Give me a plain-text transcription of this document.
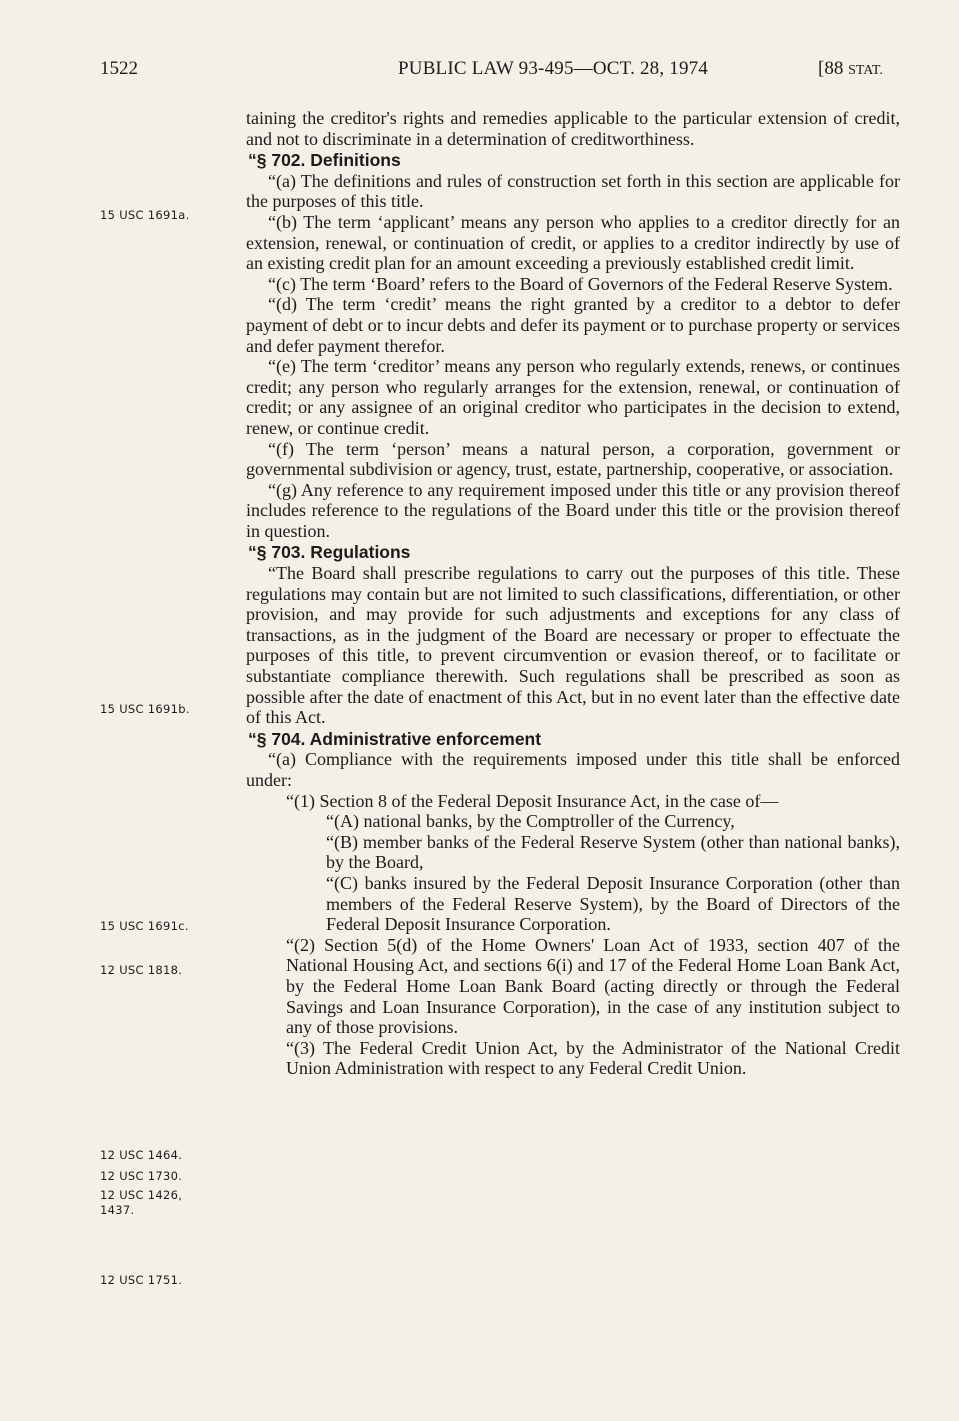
1522	PUBLIC LAW 93-495—OCT. 28, 1974	[88 STAT.
15 USC 1691a.
15 USC 1691b.
15 USC 1691c.
12 USC 1818.
12 USC 1464.
12 USC 1730.
12 USC 1426,
1437.
12 USC 1751.

taining the creditor's rights and remedies applicable to the particular extension of credit, and not to discriminate in a determination of creditworthiness.

“§ 702. Definitions

“(a) The definitions and rules of construction set forth in this section are applicable for the purposes of this title.

“(b) The term ‘applicant’ means any person who applies to a creditor directly for an extension, renewal, or continuation of credit, or applies to a creditor indirectly by use of an existing credit plan for an amount exceeding a previously established credit limit.

“(c) The term ‘Board’ refers to the Board of Governors of the Federal Reserve System.

“(d) The term ‘credit’ means the right granted by a creditor to a debtor to defer payment of debt or to incur debts and defer its payment or to purchase property or services and defer payment therefor.

“(e) The term ‘creditor’ means any person who regularly extends, renews, or continues credit; any person who regularly arranges for the extension, renewal, or continuation of credit; or any assignee of an original creditor who participates in the decision to extend, renew, or continue credit.

“(f) The term ‘person’ means a natural person, a corporation, government or governmental subdivision or agency, trust, estate, partnership, cooperative, or association.

“(g) Any reference to any requirement imposed under this title or any provision thereof includes reference to the regulations of the Board under this title or the provision thereof in question.

“§ 703. Regulations

“The Board shall prescribe regulations to carry out the purposes of this title. These regulations may contain but are not limited to such classifications, differentiation, or other provision, and may provide for such adjustments and exceptions for any class of transactions, as in the judgment of the Board are necessary or proper to effectuate the purposes of this title, to prevent circumvention or evasion thereof, or to facilitate or substantiate compliance therewith. Such regulations shall be prescribed as soon as possible after the date of enactment of this Act, but in no event later than the effective date of this Act.

“§ 704. Administrative enforcement

“(a) Compliance with the requirements imposed under this title shall be enforced under:

“(1) Section 8 of the Federal Deposit Insurance Act, in the case of—

“(A) national banks, by the Comptroller of the Currency,

“(B) member banks of the Federal Reserve System (other than national banks), by the Board,

“(C) banks insured by the Federal Deposit Insurance Corporation (other than members of the Federal Reserve System), by the Board of Directors of the Federal Deposit Insurance Corporation.

“(2) Section 5(d) of the Home Owners' Loan Act of 1933, section 407 of the National Housing Act, and sections 6(i) and 17 of the Federal Home Loan Bank Act, by the Federal Home Loan Bank Board (acting directly or through the Federal Savings and Loan Insurance Corporation), in the case of any institution subject to any of those provisions.

“(3) The Federal Credit Union Act, by the Administrator of the National Credit Union Administration with respect to any Federal Credit Union.
